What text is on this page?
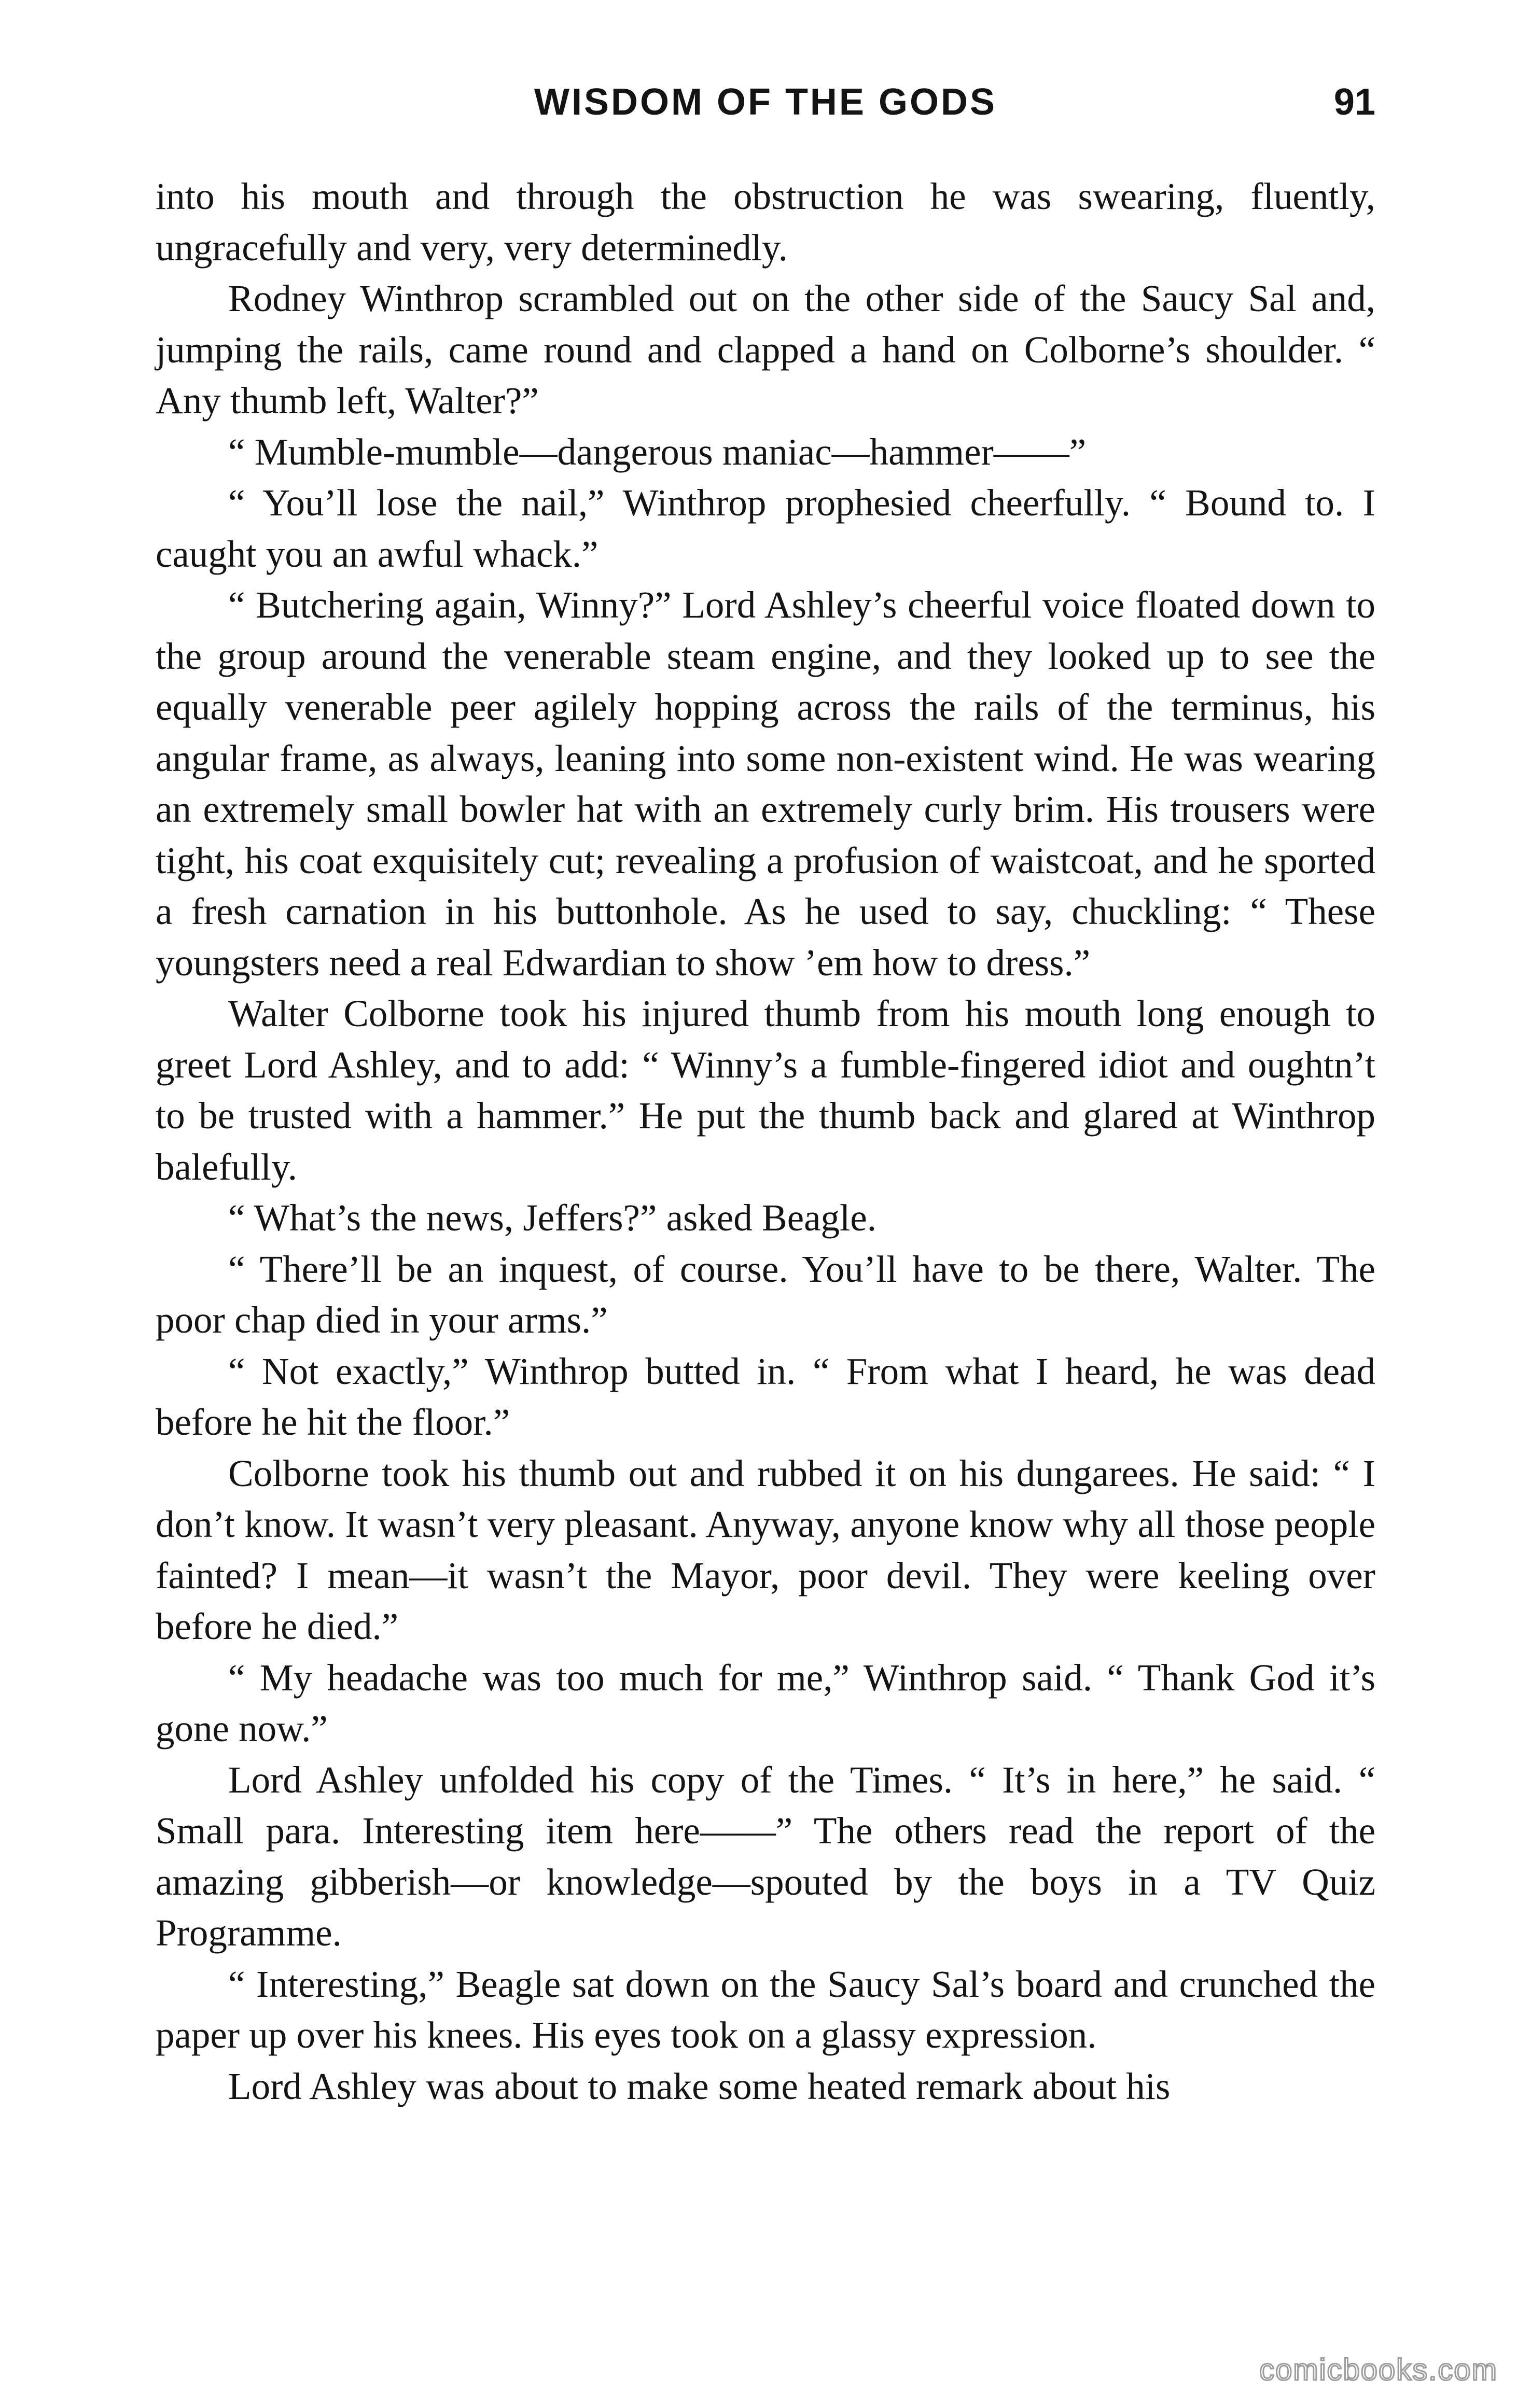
WISDOM OF THE GODS	91

into his mouth and through the obstruction he was swearing, fluently, ungracefully and very, very determinedly.

Rodney Winthrop scrambled out on the other side of the Saucy Sal and, jumping the rails, came round and clapped a hand on Colborne’s shoulder. “ Any thumb left, Walter?”

“ Mumble-mumble—dangerous maniac—hammer——”

“ You’ll lose the nail,” Winthrop prophesied cheerfully. “ Bound to. I caught you an awful whack.”

“ Butchering again, Winny?” Lord Ashley’s cheerful voice floated down to the group around the venerable steam engine, and they looked up to see the equally venerable peer agilely hopping across the rails of the terminus, his angular frame, as always, leaning into some non-existent wind. He was wearing an extremely small bowler hat with an extremely curly brim. His trousers were tight, his coat exquisitely cut; revealing a profusion of waistcoat, and he sported a fresh carnation in his buttonhole. As he used to say, chuckling: “ These youngsters need a real Edwardian to show ’em how to dress.”

Walter Colborne took his injured thumb from his mouth long enough to greet Lord Ashley, and to add: “ Winny’s a fumble-fingered idiot and oughtn’t to be trusted with a hammer.” He put the thumb back and glared at Winthrop balefully.

“ What’s the news, Jeffers?” asked Beagle.

“ There’ll be an inquest, of course. You’ll have to be there, Walter. The poor chap died in your arms.”

“ Not exactly,” Winthrop butted in. “ From what I heard, he was dead before he hit the floor.”

Colborne took his thumb out and rubbed it on his dungarees. He said: “ I don’t know. It wasn’t very pleasant. Anyway, anyone know why all those people fainted? I mean—it wasn’t the Mayor, poor devil. They were keeling over before he died.”

“ My headache was too much for me,” Winthrop said. “ Thank God it’s gone now.”

Lord Ashley unfolded his copy of the Times. “ It’s in here,” he said. “ Small para. Interesting item here——” The others read the report of the amazing gibberish—or knowledge—spouted by the boys in a TV Quiz Programme.

“ Interesting,” Beagle sat down on the Saucy Sal’s board and crunched the paper up over his knees. His eyes took on a glassy expression.

Lord Ashley was about to make some heated remark about his

comicbooks.com
